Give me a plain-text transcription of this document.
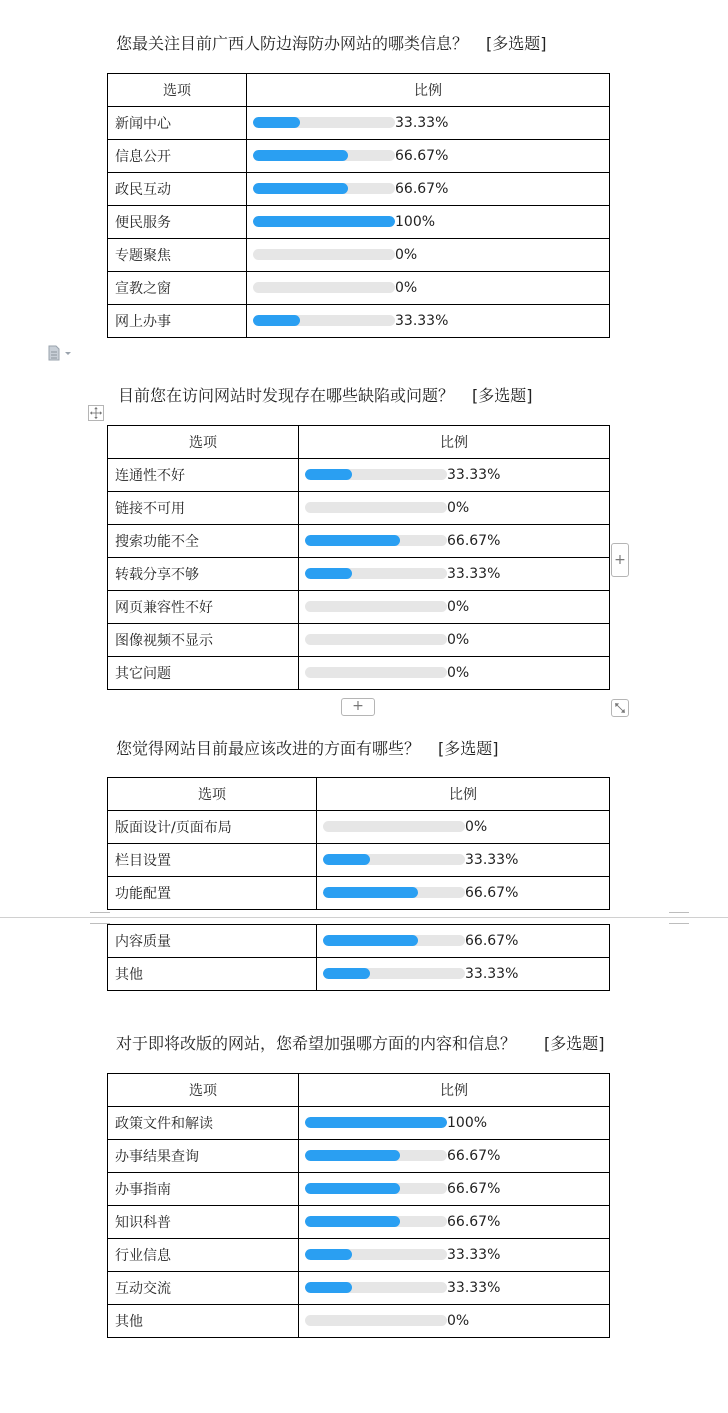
您最关注目前广西人防边海防办网站的哪类信息？ [多选题]
选项	比例
新闻中心	33.33%

信息公开	66.67%

政民互动	66.67%

便民服务	100%

专题聚焦	0%

宣教之窗	0%

网上办事	33.33%
目前您在访问网站时发现存在哪些缺陷或问题？ [多选题]
选项	比例
连通性不好	33.33%

链接不可用	0%

搜索功能不全	66.67%

转载分享不够	33.33%

网页兼容性不好	0%

图像视频不显示	0%

其它问题	0%
+
+
您觉得网站目前最应该改进的方面有哪些？ [多选题]
选项	比例
版面设计/页面布局	0%

栏目设置	33.33%

功能配置	66.67%
内容质量	66.67%

其他	33.33%
对于即将改版的网站，您希望加强哪方面的内容和信息？ [多选题]
选项	比例
政策文件和解读	100%

办事结果查询	66.67%

办事指南	66.67%

知识科普	66.67%

行业信息	33.33%

互动交流	33.33%

其他	0%
